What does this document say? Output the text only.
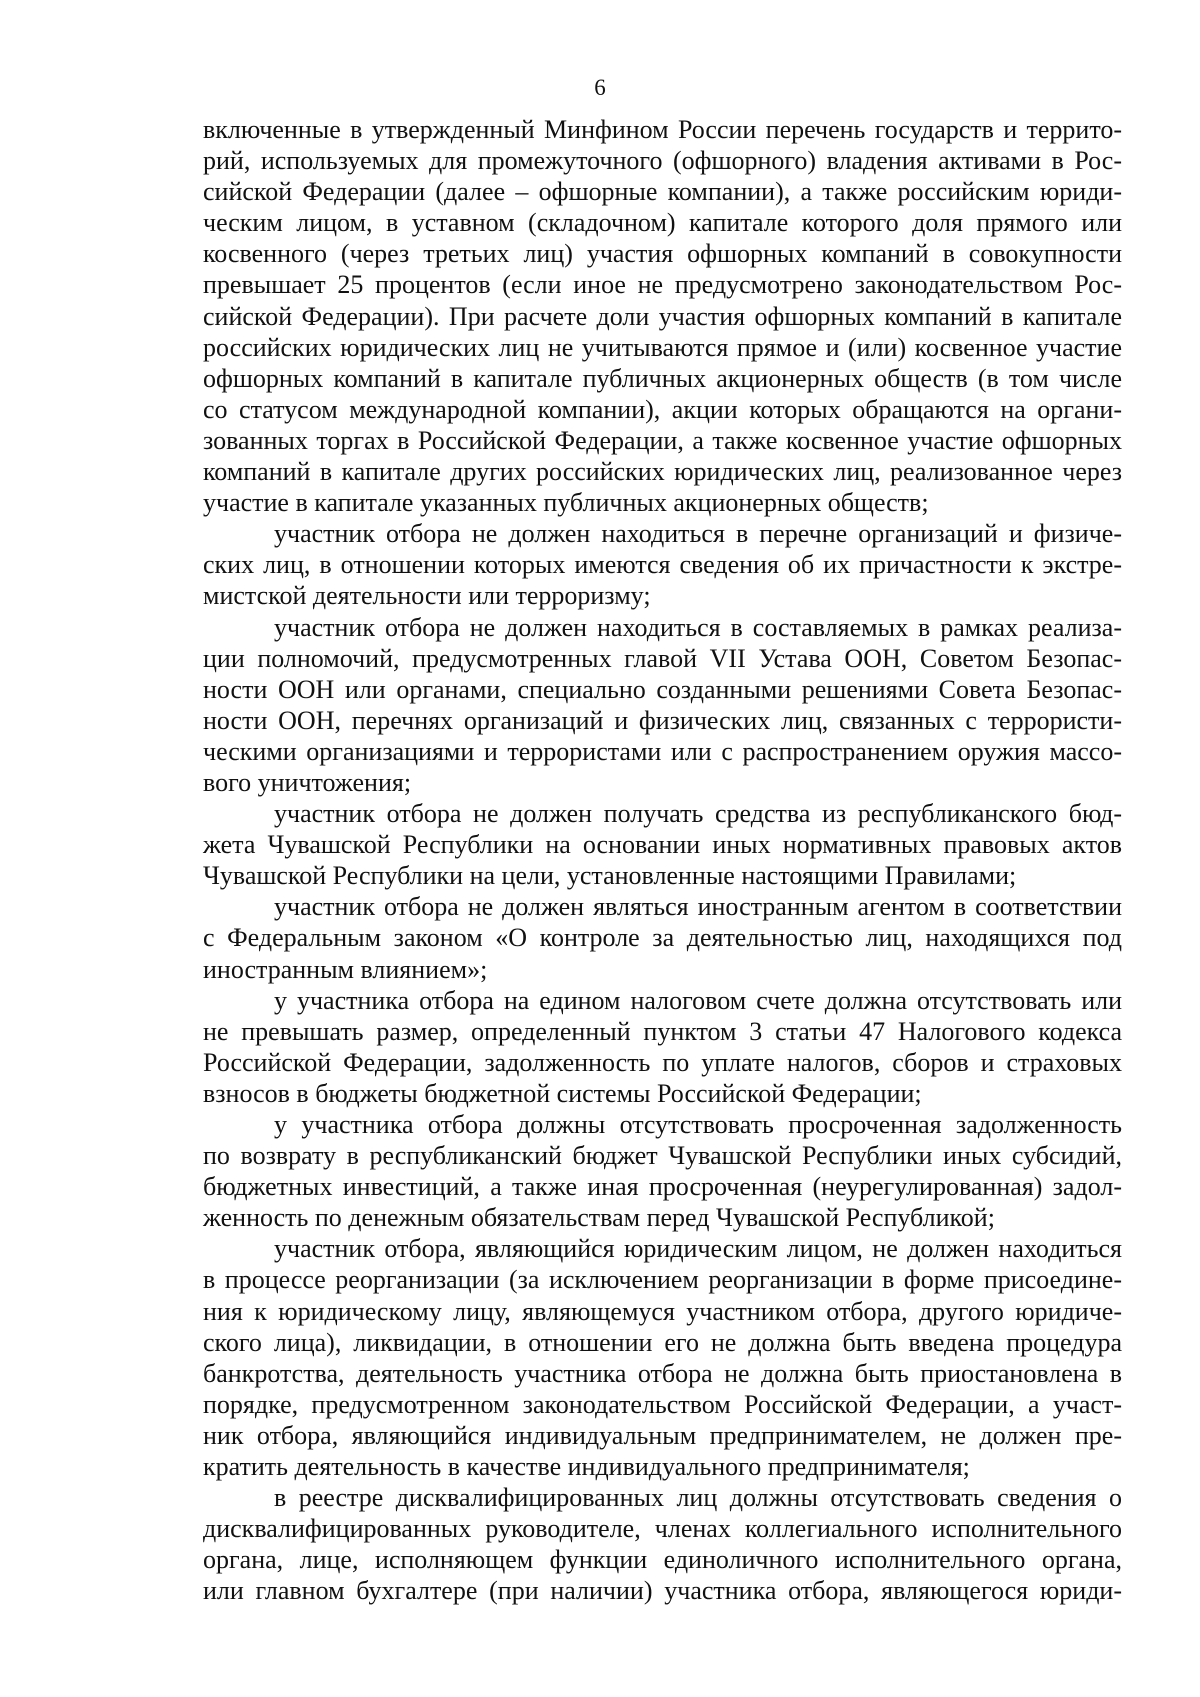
6
включенные в утвержденный Минфином России перечень государств и террито-
рий, используемых для промежуточного (офшорного) владения активами в Рос-
сийской Федерации (далее – офшорные компании), а также российским юриди-
ческим лицом, в уставном (складочном) капитале которого доля прямого или
косвенного (через третьих лиц) участия офшорных компаний в совокупности
превышает 25 процентов (если иное не предусмотрено законодательством Рос-
сийской Федерации). При расчете доли участия офшорных компаний в капитале
российских юридических лиц не учитываются прямое и (или) косвенное участие
офшорных компаний в капитале публичных акционерных обществ (в том числе
со статусом международной компании), акции которых обращаются на органи-
зованных торгах в Российской Федерации, а также косвенное участие офшорных
компаний в капитале других российских юридических лиц, реализованное через
участие в капитале указанных публичных акционерных обществ;
участник отбора не должен находиться в перечне организаций и физиче-
ских лиц, в отношении которых имеются сведения об их причастности к экстре-
мистской деятельности или терроризму;
участник отбора не должен находиться в составляемых в рамках реализа-
ции полномочий, предусмотренных главой VII Устава ООН, Советом Безопас-
ности ООН или органами, специально созданными решениями Совета Безопас-
ности ООН, перечнях организаций и физических лиц, связанных с террористи-
ческими организациями и террористами или с распространением оружия массо-
вого уничтожения;
участник отбора не должен получать средства из республиканского бюд-
жета Чувашской Республики на основании иных нормативных правовых актов
Чувашской Республики на цели, установленные настоящими Правилами;
участник отбора не должен являться иностранным агентом в соответствии
с Федеральным законом «О контроле за деятельностью лиц, находящихся под
иностранным влиянием»;
у участника отбора на едином налоговом счете должна отсутствовать или
не превышать размер, определенный пунктом 3 статьи 47 Налогового кодекса
Российской Федерации, задолженность по уплате налогов, сборов и страховых
взносов в бюджеты бюджетной системы Российской Федерации;
у участника отбора должны отсутствовать просроченная задолженность
по возврату в республиканский бюджет Чувашской Республики иных субсидий,
бюджетных инвестиций, а также иная просроченная (неурегулированная) задол-
женность по денежным обязательствам перед Чувашской Республикой;
участник отбора, являющийся юридическим лицом, не должен находиться
в процессе реорганизации (за исключением реорганизации в форме присоедине-
ния к юридическому лицу, являющемуся участником отбора, другого юридиче-
ского лица), ликвидации, в отношении его не должна быть введена процедура
банкротства, деятельность участника отбора не должна быть приостановлена в
порядке, предусмотренном законодательством Российской Федерации, а участ-
ник отбора, являющийся индивидуальным предпринимателем, не должен пре-
кратить деятельность в качестве индивидуального предпринимателя;
в реестре дисквалифицированных лиц должны отсутствовать сведения о
дисквалифицированных руководителе, членах коллегиального исполнительного
органа, лице, исполняющем функции единоличного исполнительного органа,
или главном бухгалтере (при наличии) участника отбора, являющегося юриди-
